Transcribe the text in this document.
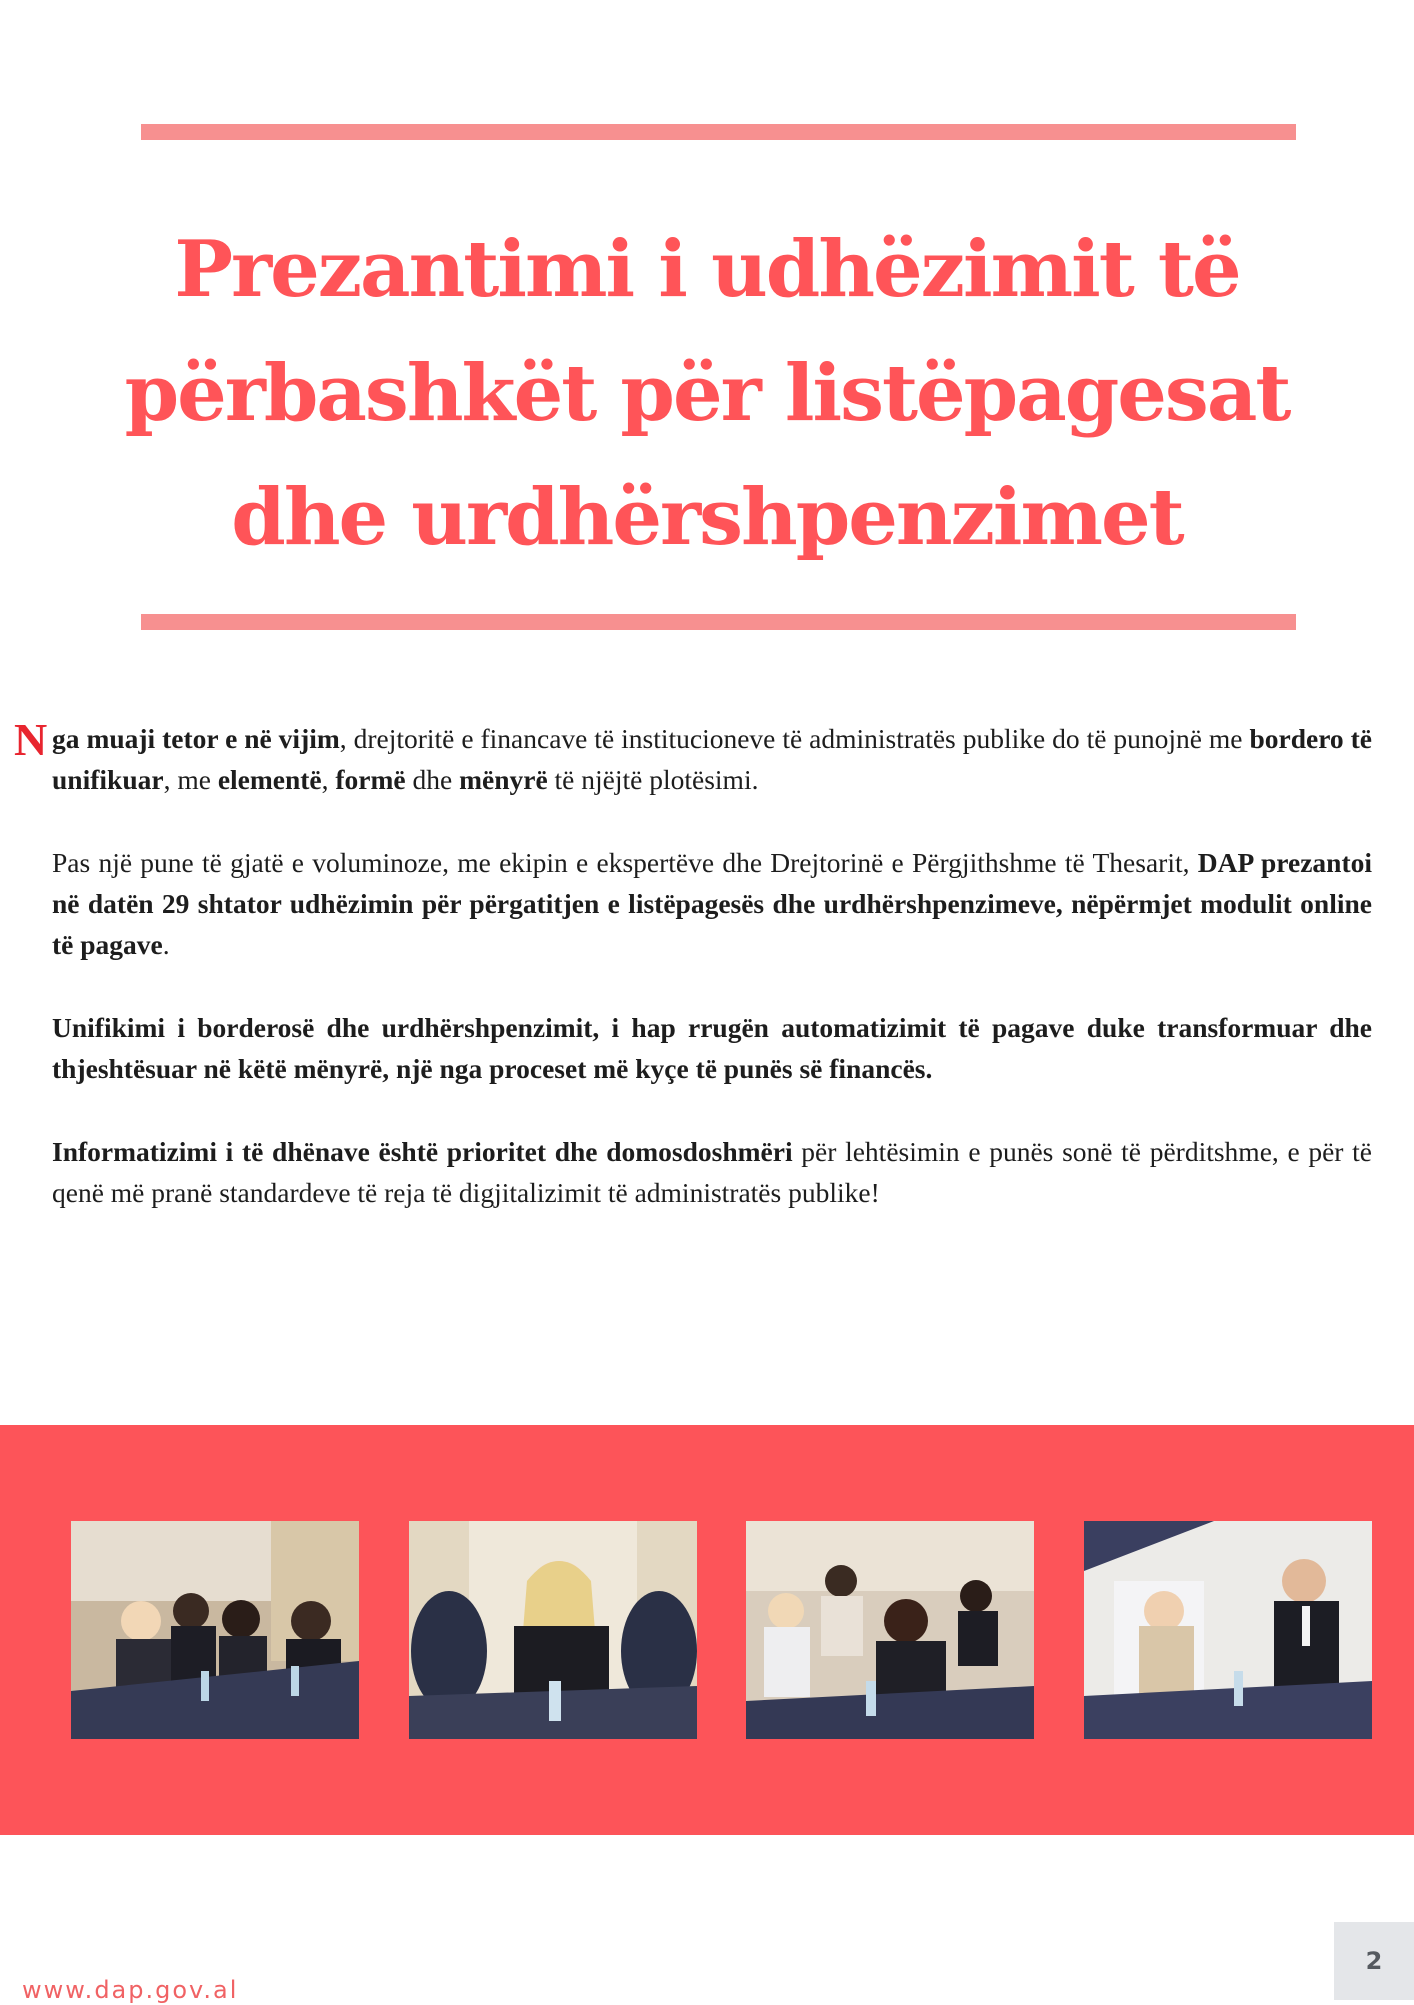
Prezantimi i udhëzimit të
përbashkët për listëpagesat
dhe urdhërshpenzimet
N ga muaji tetor e në vijim, drejtoritë e financave të institucioneve të administratës publike do të punojnë me bordero të unifikuar, me elementë, formë dhe mënyrë të njëjtë plotësimi.

Pas një pune të gjatë e voluminoze, me ekipin e ekspertëve dhe Drejtorinë e Përgjithshme të Thesarit, DAP prezantoi në datën 29 shtator udhëzimin për përgatitjen e listëpagesës dhe urdhërshpenzimeve, nëpërmjet modulit online të pagave.

Unifikimi i borderosë dhe urdhërshpenzimit, i hap rrugën automatizimit të pagave duke transformuar dhe thjeshtësuar në këtë mënyrë, një nga proceset më kyçe të punës së financës.

Informatizimi i të dhënave është prioritet dhe domosdoshmëri për lehtësimin e punës sonë të përditshme, e për të qenë më pranë standardeve të reja të digjitalizimit të administratës publike!

www.dap.gov.al

2
